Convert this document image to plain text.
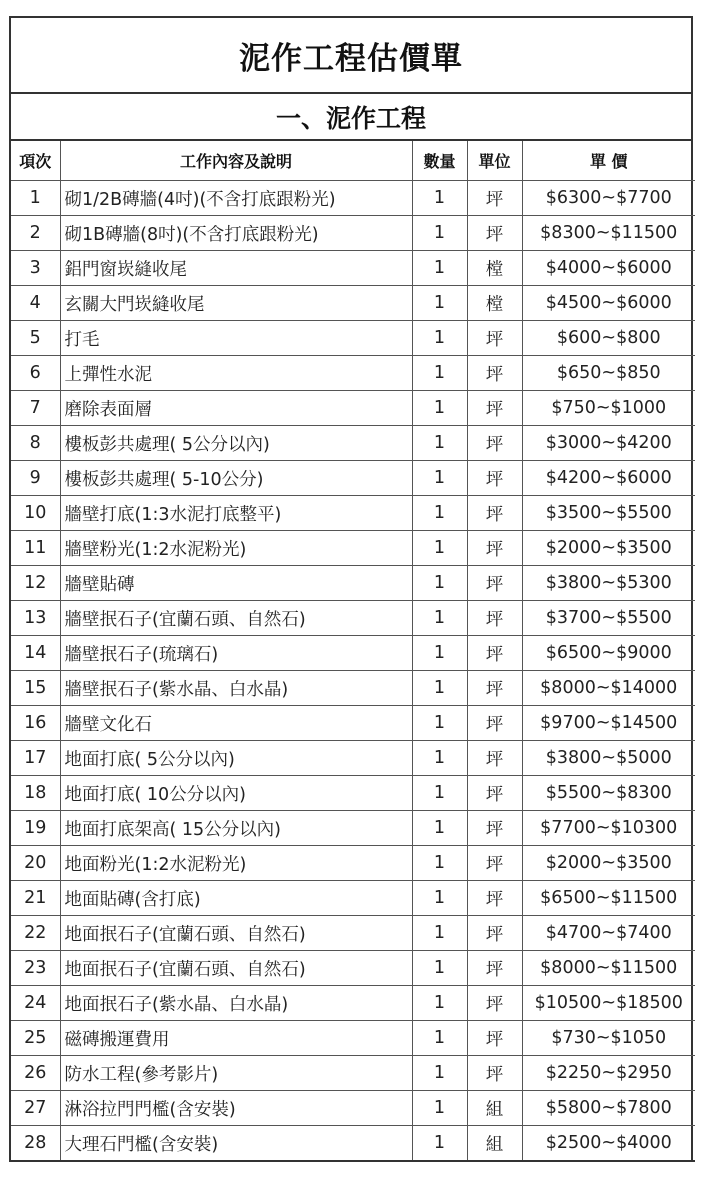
泥作工程估價單
一、泥作工程
項次	工作內容及說明	數量	單位	單 價
1	砌1/2B磚牆(4吋)(不含打底跟粉光)	1	坪	$6300~$7700
2	砌1B磚牆(8吋)(不含打底跟粉光)	1	坪	$8300~$11500
3	鋁門窗崁縫收尾	1	樘	$4000~$6000
4	玄關大門崁縫收尾	1	樘	$4500~$6000
5	打毛	1	坪	$600~$800
6	上彈性水泥	1	坪	$650~$850
7	磨除表面層	1	坪	$750~$1000
8	樓板彭共處理( 5公分以內)	1	坪	$3000~$4200
9	樓板彭共處理( 5-10公分)	1	坪	$4200~$6000
10	牆壁打底(1:3水泥打底整平)	1	坪	$3500~$5500
11	牆壁粉光(1:2水泥粉光)	1	坪	$2000~$3500
12	牆壁貼磚	1	坪	$3800~$5300
13	牆壁抿石子(宜蘭石頭、自然石)	1	坪	$3700~$5500
14	牆壁抿石子(琉璃石)	1	坪	$6500~$9000
15	牆壁抿石子(紫水晶、白水晶)	1	坪	$8000~$14000
16	牆壁文化石	1	坪	$9700~$14500
17	地面打底( 5公分以內)	1	坪	$3800~$5000
18	地面打底( 10公分以內)	1	坪	$5500~$8300
19	地面打底架高( 15公分以內)	1	坪	$7700~$10300
20	地面粉光(1:2水泥粉光)	1	坪	$2000~$3500
21	地面貼磚(含打底)	1	坪	$6500~$11500
22	地面抿石子(宜蘭石頭、自然石)	1	坪	$4700~$7400
23	地面抿石子(宜蘭石頭、自然石)	1	坪	$8000~$11500
24	地面抿石子(紫水晶、白水晶)	1	坪	$10500~$18500
25	磁磚搬運費用	1	坪	$730~$1050
26	防水工程(參考影片)	1	坪	$2250~$2950
27	淋浴拉門門檻(含安裝)	1	組	$5800~$7800
28	大理石門檻(含安裝)	1	組	$2500~$4000
